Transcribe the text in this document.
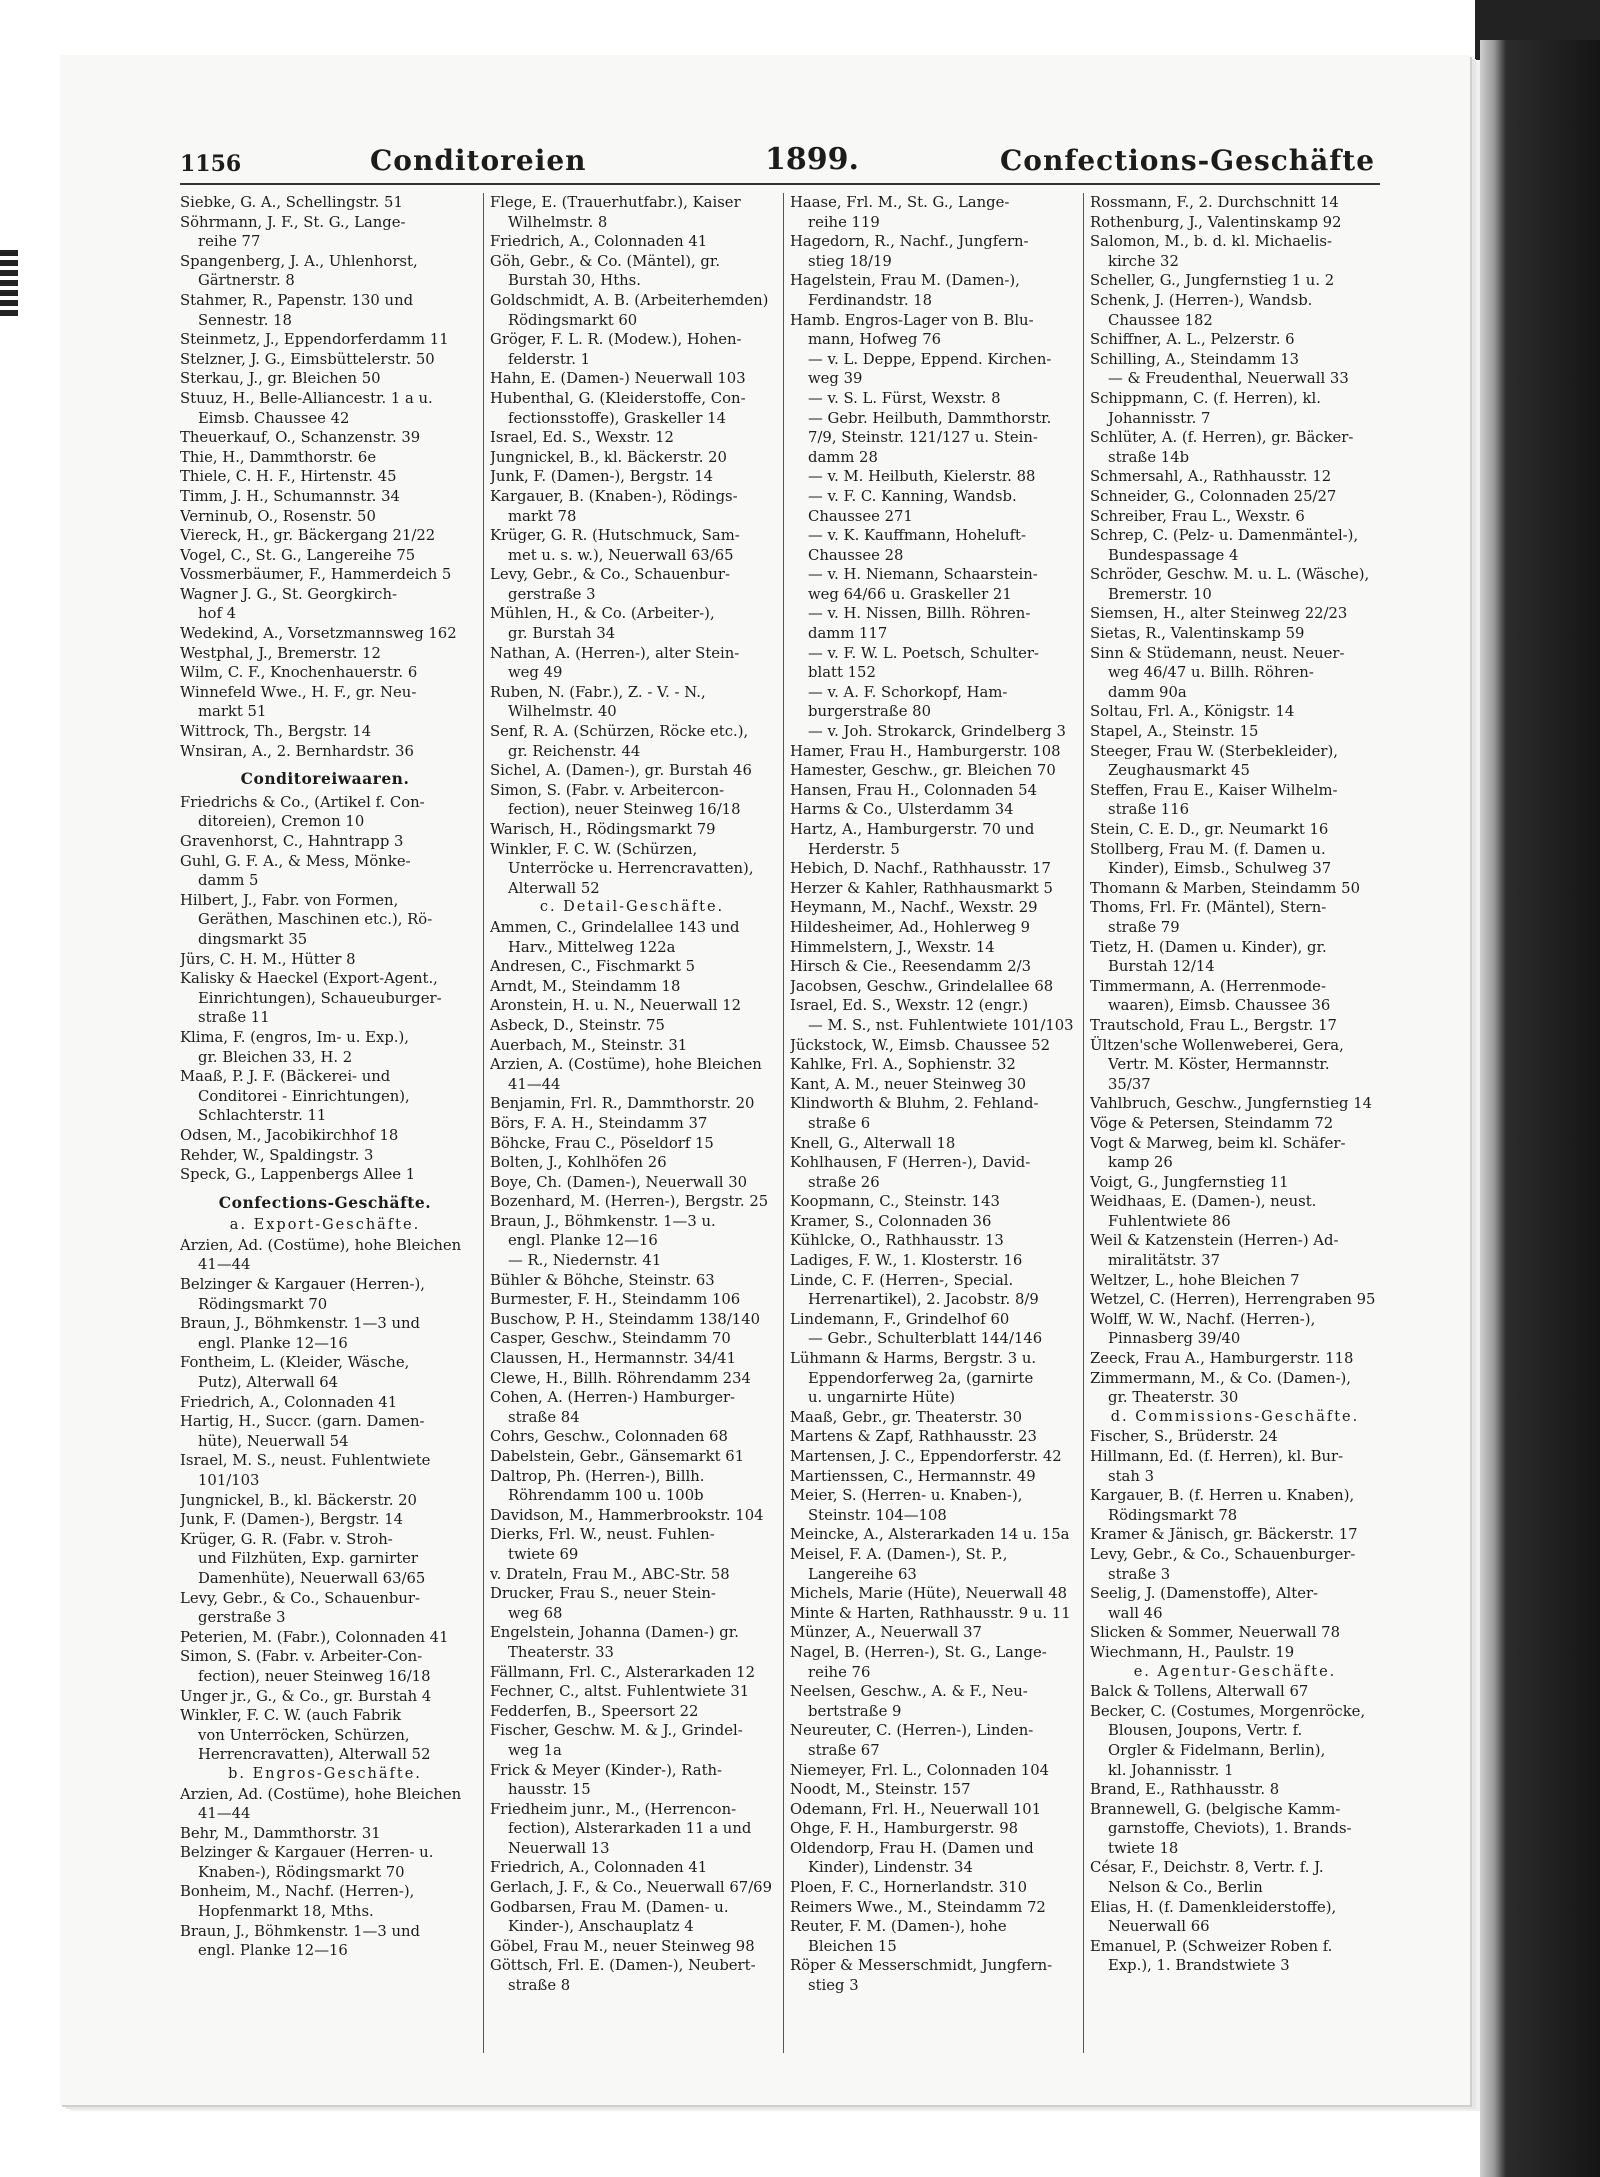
1156	Conditoreien	1899.	Confections-Geschäfte
Siebke, G. A., Schellingstr. 51
Söhrmann, J. F., St. G., Lange-
reihe 77
Spangenberg, J. A., Uhlenhorst,
Gärtnerstr. 8
Stahmer, R., Papenstr. 130 und
Sennestr. 18
Steinmetz, J., Eppendorferdamm 11
Stelzner, J. G., Eimsbüttelerstr. 50
Sterkau, J., gr. Bleichen 50
Stuuz, H., Belle-Alliancestr. 1 a u.
Eimsb. Chaussee 42
Theuerkauf, O., Schanzenstr. 39
Thie, H., Dammthorstr. 6e
Thiele, C. H. F., Hirtenstr. 45
Timm, J. H., Schumannstr. 34
Verninub, O., Rosenstr. 50
Viereck, H., gr. Bäckergang 21/22
Vogel, C., St. G., Langereihe 75
Vossmerbäumer, F., Hammerdeich 5
Wagner J. G., St. Georgkirch-
hof 4
Wedekind, A., Vorsetzmannsweg 162
Westphal, J., Bremerstr. 12
Wilm, C. F., Knochenhauerstr. 6
Winnefeld Wwe., H. F., gr. Neu-
markt 51
Wittrock, Th., Bergstr. 14
Wnsiran, A., 2. Bernhardstr. 36
Conditoreiwaaren.
Friedrichs & Co., (Artikel f. Con-
ditoreien), Cremon 10
Gravenhorst, C., Hahntrapp 3
Guhl, G. F. A., & Mess, Mönke-
damm 5
Hilbert, J., Fabr. von Formen,
Geräthen, Maschinen etc.), Rö-
dingsmarkt 35
Jürs, C. H. M., Hütter 8
Kalisky & Haeckel (Export-Agent.,
Einrichtungen), Schaueuburger-
straße 11
Klima, F. (engros, Im- u. Exp.),
gr. Bleichen 33, H. 2
Maaß, P. J. F. (Bäckerei- und
Conditorei - Einrichtungen),
Schlachterstr. 11
Odsen, M., Jacobikirchhof 18
Rehder, W., Spaldingstr. 3
Speck, G., Lappenbergs Allee 1
Confections-Geschäfte.
a. Export-Geschäfte.
Arzien, Ad. (Costüme), hohe Bleichen
41—44
Belzinger & Kargauer (Herren-),
Rödingsmarkt 70
Braun, J., Böhmkenstr. 1—3 und
engl. Planke 12—16
Fontheim, L. (Kleider, Wäsche,
Putz), Alterwall 64
Friedrich, A., Colonnaden 41
Hartig, H., Succr. (garn. Damen-
hüte), Neuerwall 54
Israel, M. S., neust. Fuhlentwiete
101/103
Jungnickel, B., kl. Bäckerstr. 20
Junk, F. (Damen-), Bergstr. 14
Krüger, G. R. (Fabr. v. Stroh-
und Filzhüten, Exp. garnirter
Damenhüte), Neuerwall 63/65
Levy, Gebr., & Co., Schauenbur-
gerstraße 3
Peterien, M. (Fabr.), Colonnaden 41
Simon, S. (Fabr. v. Arbeiter-Con-
fection), neuer Steinweg 16/18
Unger jr., G., & Co., gr. Burstah 4
Winkler, F. C. W. (auch Fabrik
von Unterröcken, Schürzen,
Herrencravatten), Alterwall 52
b. Engros-Geschäfte.
Arzien, Ad. (Costüme), hohe Bleichen
41—44
Behr, M., Dammthorstr. 31
Belzinger & Kargauer (Herren- u.
Knaben-), Rödingsmarkt 70
Bonheim, M., Nachf. (Herren-),
Hopfenmarkt 18, Mths.
Braun, J., Böhmkenstr. 1—3 und
engl. Planke 12—16
Flege, E. (Trauerhutfabr.), Kaiser
Wilhelmstr. 8
Friedrich, A., Colonnaden 41
Göh, Gebr., & Co. (Mäntel), gr.
Burstah 30, Hths.
Goldschmidt, A. B. (Arbeiterhemden)
Rödingsmarkt 60
Gröger, F. L. R. (Modew.), Hohen-
felderstr. 1
Hahn, E. (Damen-) Neuerwall 103
Hubenthal, G. (Kleiderstoffe, Con-
fectionsstoffe), Graskeller 14
Israel, Ed. S., Wexstr. 12
Jungnickel, B., kl. Bäckerstr. 20
Junk, F. (Damen-), Bergstr. 14
Kargauer, B. (Knaben-), Rödings-
markt 78
Krüger, G. R. (Hutschmuck, Sam-
met u. s. w.), Neuerwall 63/65
Levy, Gebr., & Co., Schauenbur-
gerstraße 3
Mühlen, H., & Co. (Arbeiter-),
gr. Burstah 34
Nathan, A. (Herren-), alter Stein-
weg 49
Ruben, N. (Fabr.), Z. - V. - N.,
Wilhelmstr. 40
Senf, R. A. (Schürzen, Röcke etc.),
gr. Reichenstr. 44
Sichel, A. (Damen-), gr. Burstah 46
Simon, S. (Fabr. v. Arbeitercon-
fection), neuer Steinweg 16/18
Warisch, H., Rödingsmarkt 79
Winkler, F. C. W. (Schürzen,
Unterröcke u. Herrencravatten),
Alterwall 52
c. Detail-Geschäfte.
Ammen, C., Grindelallee 143 und
Harv., Mittelweg 122a
Andresen, C., Fischmarkt 5
Arndt, M., Steindamm 18
Aronstein, H. u. N., Neuerwall 12
Asbeck, D., Steinstr. 75
Auerbach, M., Steinstr. 31
Arzien, A. (Costüme), hohe Bleichen
41—44
Benjamin, Frl. R., Dammthorstr. 20
Börs, F. A. H., Steindamm 37
Böhcke, Frau C., Pöseldorf 15
Bolten, J., Kohlhöfen 26
Boye, Ch. (Damen-), Neuerwall 30
Bozenhard, M. (Herren-), Bergstr. 25
Braun, J., Böhmkenstr. 1—3 u.
engl. Planke 12—16
— R., Niedernstr. 41
Bühler & Böhche, Steinstr. 63
Burmester, F. H., Steindamm 106
Buschow, P. H., Steindamm 138/140
Casper, Geschw., Steindamm 70
Claussen, H., Hermannstr. 34/41
Clewe, H., Billh. Röhrendamm 234
Cohen, A. (Herren-) Hamburger-
straße 84
Cohrs, Geschw., Colonnaden 68
Dabelstein, Gebr., Gänsemarkt 61
Daltrop, Ph. (Herren-), Billh.
Röhrendamm 100 u. 100b
Davidson, M., Hammerbrookstr. 104
Dierks, Frl. W., neust. Fuhlen-
twiete 69
v. Drateln, Frau M., ABC-Str. 58
Drucker, Frau S., neuer Stein-
weg 68
Engelstein, Johanna (Damen-) gr.
Theaterstr. 33
Fällmann, Frl. C., Alsterarkaden 12
Fechner, C., altst. Fuhlentwiete 31
Fedderfen, B., Speersort 22
Fischer, Geschw. M. & J., Grindel-
weg 1a
Frick & Meyer (Kinder-), Rath-
hausstr. 15
Friedheim junr., M., (Herrencon-
fection), Alsterarkaden 11 a und
Neuerwall 13
Friedrich, A., Colonnaden 41
Gerlach, J. F., & Co., Neuerwall 67/69
Godbarsen, Frau M. (Damen- u.
Kinder-), Anschauplatz 4
Göbel, Frau M., neuer Steinweg 98
Göttsch, Frl. E. (Damen-), Neubert-
straße 8
Haase, Frl. M., St. G., Lange-
reihe 119
Hagedorn, R., Nachf., Jungfern-
stieg 18/19
Hagelstein, Frau M. (Damen-),
Ferdinandstr. 18
Hamb. Engros-Lager von B. Blu-
mann, Hofweg 76
— v. L. Deppe, Eppend. Kirchen-
weg 39
— v. S. L. Fürst, Wexstr. 8
— Gebr. Heilbuth, Dammthorstr.
7/9, Steinstr. 121/127 u. Stein-
damm 28
— v. M. Heilbuth, Kielerstr. 88
— v. F. C. Kanning, Wandsb.
Chaussee 271
— v. K. Kauffmann, Hoheluft-
Chaussee 28
— v. H. Niemann, Schaarstein-
weg 64/66 u. Graskeller 21
— v. H. Nissen, Billh. Röhren-
damm 117
— v. F. W. L. Poetsch, Schulter-
blatt 152
— v. A. F. Schorkopf, Ham-
burgerstraße 80
— v. Joh. Strokarck, Grindelberg 3
Hamer, Frau H., Hamburgerstr. 108
Hamester, Geschw., gr. Bleichen 70
Hansen, Frau H., Colonnaden 54
Harms & Co., Ulsterdamm 34
Hartz, A., Hamburgerstr. 70 und
Herderstr. 5
Hebich, D. Nachf., Rathhausstr. 17
Herzer & Kahler, Rathhausmarkt 5
Heymann, M., Nachf., Wexstr. 29
Hildesheimer, Ad., Hohlerweg 9
Himmelstern, J., Wexstr. 14
Hirsch & Cie., Reesendamm 2/3
Jacobsen, Geschw., Grindelallee 68
Israel, Ed. S., Wexstr. 12 (engr.)
— M. S., nst. Fuhlentwiete 101/103
Jückstock, W., Eimsb. Chaussee 52
Kahlke, Frl. A., Sophienstr. 32
Kant, A. M., neuer Steinweg 30
Klindworth & Bluhm, 2. Fehland-
straße 6
Knell, G., Alterwall 18
Kohlhausen, F (Herren-), David-
straße 26
Koopmann, C., Steinstr. 143
Kramer, S., Colonnaden 36
Kühlcke, O., Rathhausstr. 13
Ladiges, F. W., 1. Klosterstr. 16
Linde, C. F. (Herren-, Special.
Herrenartikel), 2. Jacobstr. 8/9
Lindemann, F., Grindelhof 60
— Gebr., Schulterblatt 144/146
Lühmann & Harms, Bergstr. 3 u.
Eppendorferweg 2a, (garnirte
u. ungarnirte Hüte)
Maaß, Gebr., gr. Theaterstr. 30
Martens & Zapf, Rathhausstr. 23
Martensen, J. C., Eppendorferstr. 42
Martienssen, C., Hermannstr. 49
Meier, S. (Herren- u. Knaben-),
Steinstr. 104—108
Meincke, A., Alsterarkaden 14 u. 15a
Meisel, F. A. (Damen-), St. P.,
Langereihe 63
Michels, Marie (Hüte), Neuerwall 48
Minte & Harten, Rathhausstr. 9 u. 11
Münzer, A., Neuerwall 37
Nagel, B. (Herren-), St. G., Lange-
reihe 76
Neelsen, Geschw., A. & F., Neu-
bertstraße 9
Neureuter, C. (Herren-), Linden-
straße 67
Niemeyer, Frl. L., Colonnaden 104
Noodt, M., Steinstr. 157
Odemann, Frl. H., Neuerwall 101
Ohge, F. H., Hamburgerstr. 98
Oldendorp, Frau H. (Damen und
Kinder), Lindenstr. 34
Ploen, F. C., Hornerlandstr. 310
Reimers Wwe., M., Steindamm 72
Reuter, F. M. (Damen-), hohe
Bleichen 15
Röper & Messerschmidt, Jungfern-
stieg 3
Rossmann, F., 2. Durchschnitt 14
Rothenburg, J., Valentinskamp 92
Salomon, M., b. d. kl. Michaelis-
kirche 32
Scheller, G., Jungfernstieg 1 u. 2
Schenk, J. (Herren-), Wandsb.
Chaussee 182
Schiffner, A. L., Pelzerstr. 6
Schilling, A., Steindamm 13
— & Freudenthal, Neuerwall 33
Schippmann, C. (f. Herren), kl.
Johannisstr. 7
Schlüter, A. (f. Herren), gr. Bäcker-
straße 14b
Schmersahl, A., Rathhausstr. 12
Schneider, G., Colonnaden 25/27
Schreiber, Frau L., Wexstr. 6
Schrep, C. (Pelz- u. Damenmäntel-),
Bundespassage 4
Schröder, Geschw. M. u. L. (Wäsche),
Bremerstr. 10
Siemsen, H., alter Steinweg 22/23
Sietas, R., Valentinskamp 59
Sinn & Stüdemann, neust. Neuer-
weg 46/47 u. Billh. Röhren-
damm 90a
Soltau, Frl. A., Königstr. 14
Stapel, A., Steinstr. 15
Steeger, Frau W. (Sterbekleider),
Zeughausmarkt 45
Steffen, Frau E., Kaiser Wilhelm-
straße 116
Stein, C. E. D., gr. Neumarkt 16
Stollberg, Frau M. (f. Damen u.
Kinder), Eimsb., Schulweg 37
Thomann & Marben, Steindamm 50
Thoms, Frl. Fr. (Mäntel), Stern-
straße 79
Tietz, H. (Damen u. Kinder), gr.
Burstah 12/14
Timmermann, A. (Herrenmode-
waaren), Eimsb. Chaussee 36
Trautschold, Frau L., Bergstr. 17
Ültzen'sche Wollenweberei, Gera,
Vertr. M. Köster, Hermannstr.
35/37
Vahlbruch, Geschw., Jungfernstieg 14
Vöge & Petersen, Steindamm 72
Vogt & Marweg, beim kl. Schäfer-
kamp 26
Voigt, G., Jungfernstieg 11
Weidhaas, E. (Damen-), neust.
Fuhlentwiete 86
Weil & Katzenstein (Herren-) Ad-
miralitätstr. 37
Weltzer, L., hohe Bleichen 7
Wetzel, C. (Herren), Herrengraben 95
Wolff, W. W., Nachf. (Herren-),
Pinnasberg 39/40
Zeeck, Frau A., Hamburgerstr. 118
Zimmermann, M., & Co. (Damen-),
gr. Theaterstr. 30
d. Commissions-Geschäfte.
Fischer, S., Brüderstr. 24
Hillmann, Ed. (f. Herren), kl. Bur-
stah 3
Kargauer, B. (f. Herren u. Knaben),
Rödingsmarkt 78
Kramer & Jänisch, gr. Bäckerstr. 17
Levy, Gebr., & Co., Schauenburger-
straße 3
Seelig, J. (Damenstoffe), Alter-
wall 46
Slicken & Sommer, Neuerwall 78
Wiechmann, H., Paulstr. 19
e. Agentur-Geschäfte.
Balck & Tollens, Alterwall 67
Becker, C. (Costumes, Morgenröcke,
Blousen, Joupons, Vertr. f.
Orgler & Fidelmann, Berlin),
kl. Johannisstr. 1
Brand, E., Rathhausstr. 8
Brannewell, G. (belgische Kamm-
garnstoffe, Cheviots), 1. Brands-
twiete 18
César, F., Deichstr. 8, Vertr. f. J.
Nelson & Co., Berlin
Elias, H. (f. Damenkleiderstoffe),
Neuerwall 66
Emanuel, P. (Schweizer Roben f.
Exp.), 1. Brandstwiete 3
